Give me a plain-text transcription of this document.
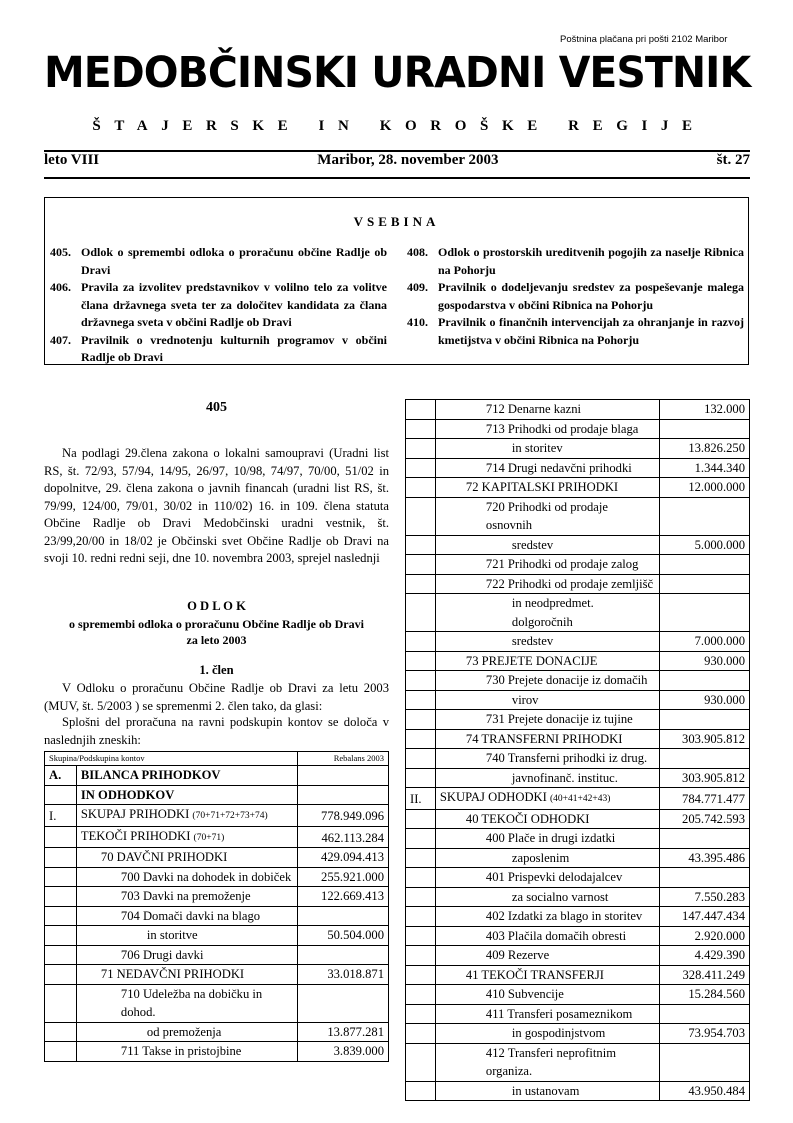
Poštnina plačana pri pošti 2102 Maribor
MEDOBČINSKI URADNI VESTNIK
ŠTAJERSKE IN KOROŠKE REGIJE
leto VIII	Maribor, 28. november 2003	št. 27
VSEBINA
405. Odlok o spremembi odloka o proračunu občine Radlje ob Dravi
406. Pravila za izvolitev predstavnikov v volilno telo za volitve člana državnega sveta ter za določitev kandidata za člana državnega sveta v občini Radlje ob Dravi
407. Pravilnik o vrednotenju kulturnih programov v občini Radlje ob Dravi
408. Odlok o prostorskih ureditvenih pogojih za naselje Ribnica na Pohorju
409. Pravilnik o dodeljevanju sredstev za pospeševanje malega gospodarstva v občini Ribnica na Pohorju
410. Pravilnik o finančnih intervencijah za ohranjanje in razvoj kmetijstva v občini Ribnica na Pohorju
405
Na podlagi 29.člena zakona o lokalni samoupravi (Uradni list RS, št. 72/93, 57/94, 14/95, 26/97, 10/98, 74/97, 70/00, 51/02 in dopolnitve, 29. člena zakona o javnih financah (uradni list RS, št. 79/99, 124/00, 79/01, 30/02 in 110/02) 16. in 109. člena statuta Občine Radlje ob Dravi Medobčinski uradni vestnik, št. 23/99,20/00 in 18/02 je Občinski svet Občine Radlje ob Dravi na svoji 10. redni redni seji, dne 10. novembra 2003, sprejel naslednji
O D L O K
o spremembi odloka o proračunu Občine Radlje ob Dravi
za leto 2003
1. člen
V Odloku o proračunu Občine Radlje ob Dravi za letu 2003 (MUV, št. 5/2003 ) se spremenmi 2. člen tako, da glasi:
Splošni del proračuna na ravni podskupin kontov se določa v naslednjih zneskih:
Skupina/Podskupina kontov		Rebalans 2003
A.	BILANCA PRIHODKOV	
	IN ODHODKOV	
I.	SKUPAJ PRIHODKI (70+71+72+73+74)	778.949.096
	TEKOČI PRIHODKI (70+71)	462.113.284
	70 DAVČNI PRIHODKI	429.094.413
	700 Davki na dohodek in dobiček	255.921.000
	703 Davki na premoženje	122.669.413
	704 Domači davki na blago	
	in storitve	50.504.000
	706 Drugi davki	
	71 NEDAVČNI PRIHODKI	33.018.871
	710 Udeležba na dobičku in dohod.	
	od premoženja	13.877.281
	711 Takse in pristojbine	3.839.000
	712 Denarne kazni	132.000
	713 Prihodki od prodaje blaga	
	in storitev	13.826.250
	714 Drugi nedavčni prihodki	1.344.340
	72 KAPITALSKI PRIHODKI	12.000.000
	720 Prihodki od prodaje osnovnih	
	sredstev	5.000.000
	721 Prihodki od prodaje zalog	
	722 Prihodki od prodaje zemljišč	
	in neodpredmet. dolgoročnih	
	sredstev	7.000.000
	73 PREJETE DONACIJE	930.000
	730 Prejete donacije iz domačih	
	virov	930.000
	731 Prejete donacije iz tujine	
	74 TRANSFERNI PRIHODKI	303.905.812
	740 Transferni prihodki iz drug.	
	javnofinanč. instituc.	303.905.812
II.	SKUPAJ ODHODKI (40+41+42+43)	784.771.477
	40 TEKOČI ODHODKI	205.742.593
	400 Plače in drugi izdatki	
	zaposlenim	43.395.486
	401 Prispevki delodajalcev	
	za socialno varnost	7.550.283
	402 Izdatki za blago in storitev	147.447.434
	403 Plačila domačih obresti	2.920.000
	409 Rezerve	4.429.390
	41 TEKOČI TRANSFERJI	328.411.249
	410 Subvencije	15.284.560
	411 Transferi posameznikom	
	in gospodinjstvom	73.954.703
	412 Transferi neprofitnim organiza.	
	in ustanovam	43.950.484
